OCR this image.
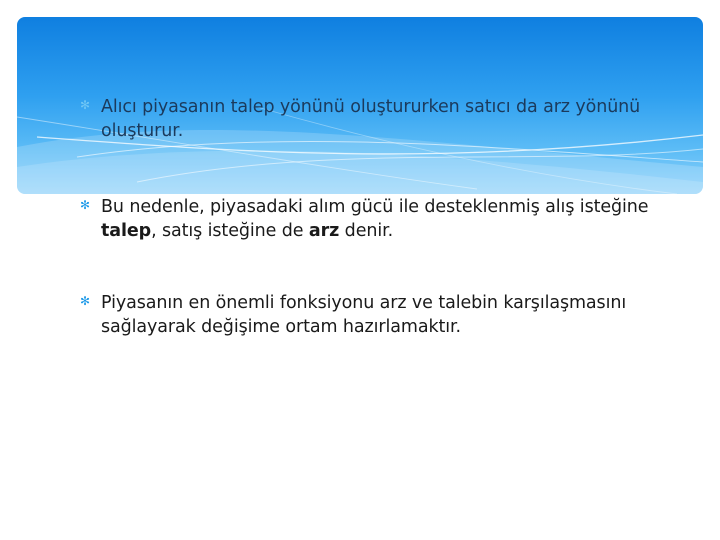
✻ Alıcı piyasanın talep yönünü oluştururken satıcı da arz yönünü oluşturur.
✻ Bu nedenle, piyasadaki alım gücü ile desteklenmiş alış isteğine talep, satış isteğine de arz denir.
✻ Piyasanın en önemli fonksiyonu arz ve talebin karşılaşmasını sağlayarak değişime ortam hazırlamaktır.
